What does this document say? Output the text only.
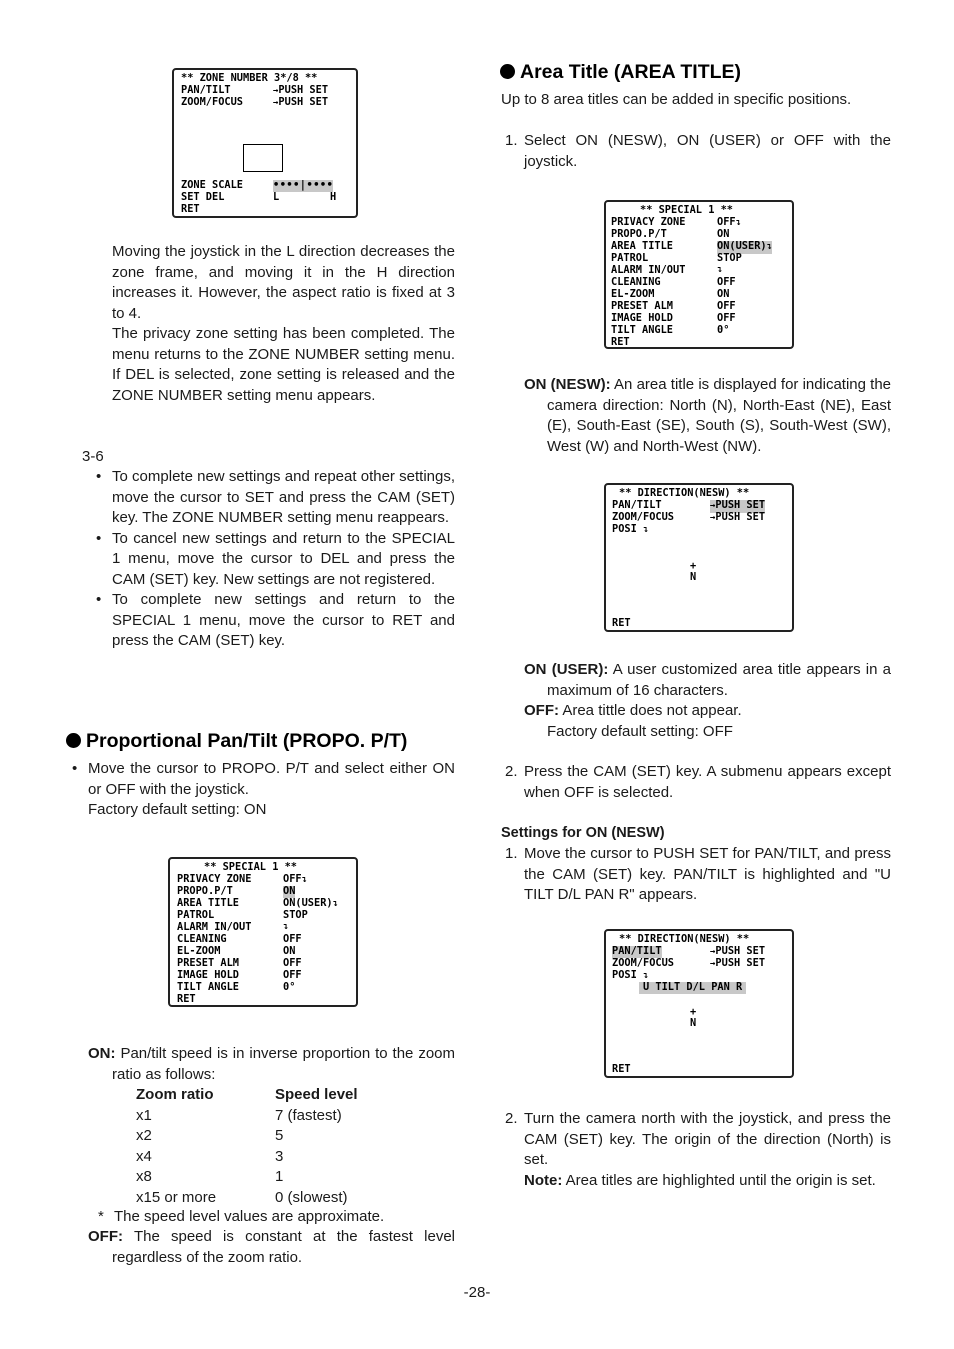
** ZONE NUMBER 3*/8 **
PAN/TILT	→PUSH SET
ZOOM/FOCUS	→PUSH SET
ZONE SCALE	••••|••••
SET DEL	L	H
RET

Moving the joystick in the L direction decreases the zone frame, and moving it in the H direction increases it. However, the aspect ratio is fixed at 3 to 4.

The privacy zone setting has been completed. The menu returns to the ZONE NUMBER setting menu. If DEL is selected, zone setting is released and the ZONE NUMBER setting menu appears.

3-6
• To complete new settings and repeat other settings, move the cursor to SET and press the CAM (SET) key. The ZONE NUMBER setting menu reappears.

• To cancel new settings and return to the SPECIAL 1 menu, move the cursor to DEL and press the CAM (SET) key. New settings are not registered.

• To complete new settings and return to the SPECIAL 1 menu, move the cursor to RET and press the CAM (SET) key.

Proportional Pan/Tilt (PROPO. P/T)
• Move the cursor to PROPO. P/T and select either ON or OFF with the joystick.

Factory default setting: ON

** SPECIAL 1 **
PRIVACY ZONE	OFF↴
PROPO.P/T	ON
AREA TITLE	ON(USER)↴
PATROL	STOP
ALARM IN/OUT	↴
CLEANING	OFF
EL-ZOOM	ON
PRESET ALM	OFF
IMAGE HOLD	OFF
TILT ANGLE	0°
RET
ON: Pan/tilt speed is in inverse proportion to the zoom ratio as follows:
Zoom ratio	Speed level
x1	7 (fastest)
x2	5
x4	3
x8	1
x15 or more	0 (slowest)
* The speed level values are approximate.
OFF: The speed is constant at the fastest level regardless of the zoom ratio.
Area Title (AREA TITLE)

Up to 8 area titles can be added in specific positions.

1. Select ON (NESW), ON (USER) or OFF with the joystick.

** SPECIAL 1 **
PRIVACY ZONE	OFF↴
PROPO.P/T	ON
AREA TITLE	ON(USER)↴
PATROL	STOP
ALARM IN/OUT	↴
CLEANING	OFF
EL-ZOOM	ON
PRESET ALM	OFF
IMAGE HOLD	OFF
TILT ANGLE	0°
RET
ON (NESW): An area title is displayed for indicating the camera direction: North (N), North-East (NE), East (E), South-East (SE), South (S), South-West (SW), West (W) and North-West (NW).
** DIRECTION(NESW) **
PAN/TILT	→PUSH SET
ZOOM/FOCUS	→PUSH SET
POSI ↴
+
N
RET
ON (USER): A user customized area title appears in a maximum of 16 characters.
OFF: Area tittle does not appear.

Factory default setting: OFF

2. Press the CAM (SET) key. A submenu appears except when OFF is selected.

Settings for ON (NESW)
1. Move the cursor to PUSH SET for PAN/TILT, and press the CAM (SET) key. PAN/TILT is highlighted and "U TILT D/L PAN R" appears.

** DIRECTION(NESW) **
PAN/TILT	→PUSH SET
ZOOM/FOCUS	→PUSH SET
POSI ↴
U TILT D/L PAN R
+
N
RET
2. Turn the camera north with the joystick, and press the CAM (SET) key. The origin of the direction (North) is set.

Note: Area titles are highlighted until the origin is set.
-28-
